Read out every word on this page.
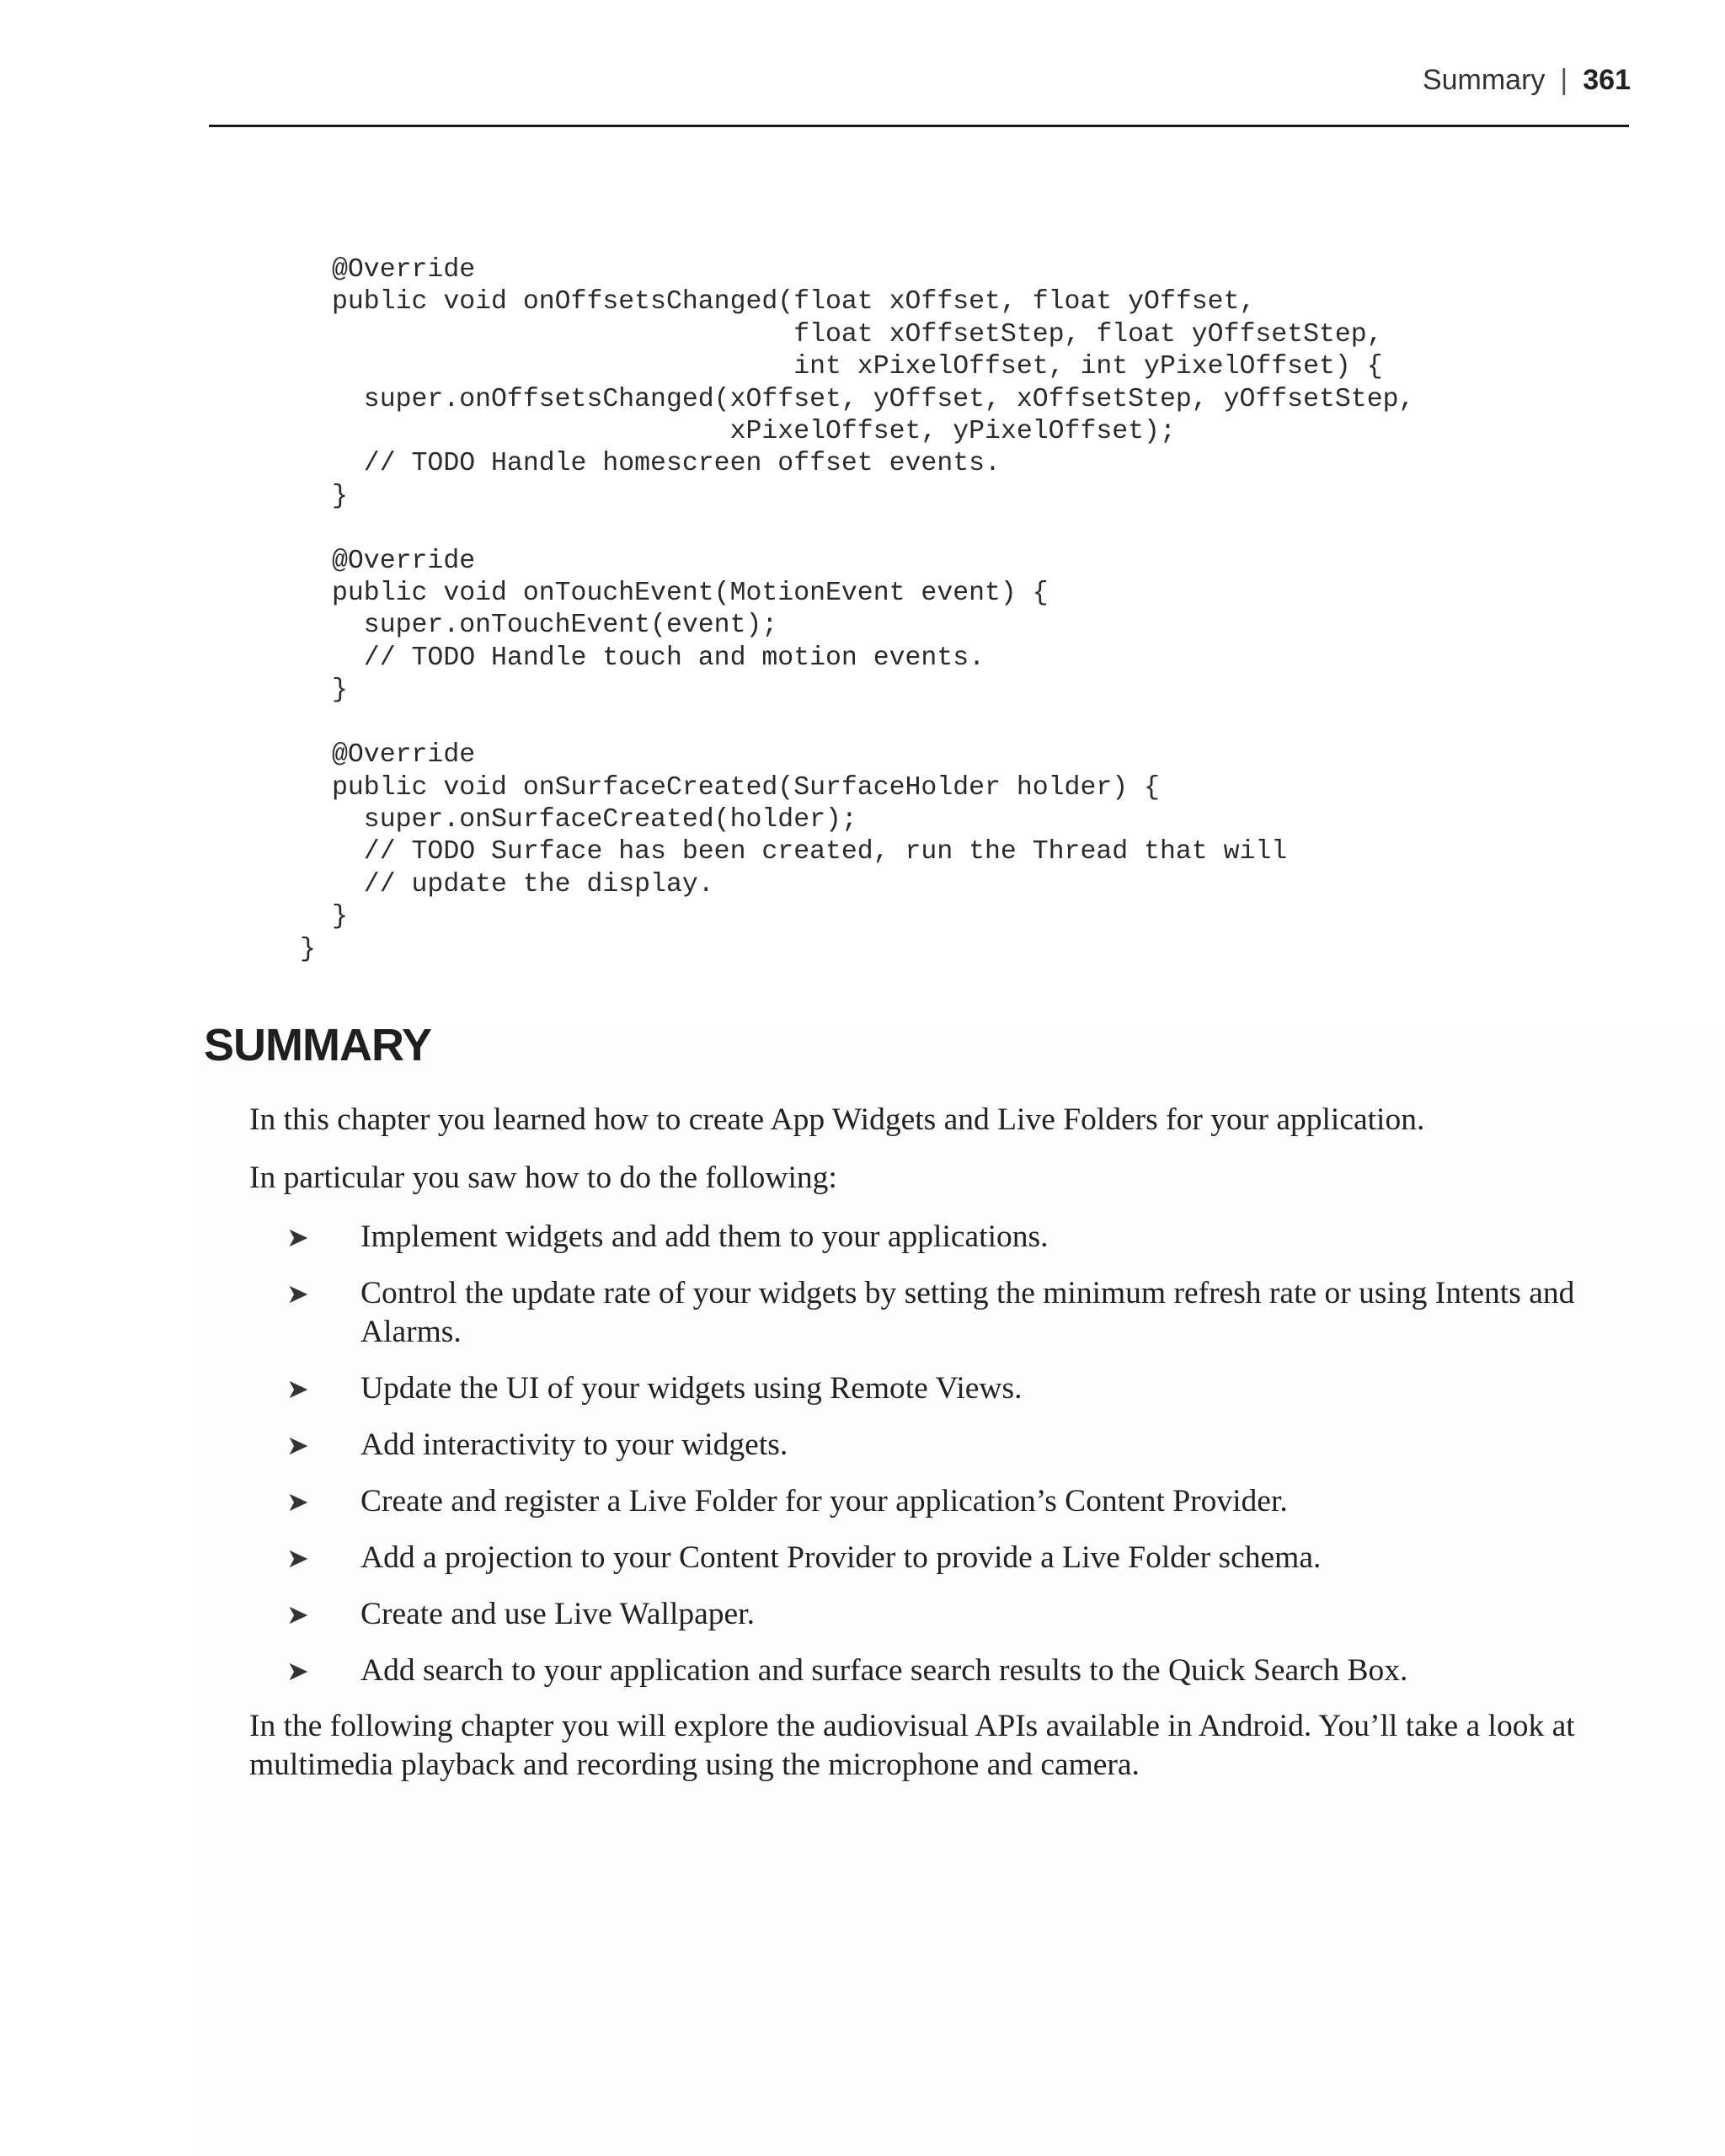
Summary | 361
@Override
public void onOffsetsChanged(float xOffset, float yOffset,
float xOffsetStep, float yOffsetStep,
int xPixelOffset, int yPixelOffset) {
super.onOffsetsChanged(xOffset, yOffset, xOffsetStep, yOffsetStep,
xPixelOffset, yPixelOffset);
// TODO Handle homescreen offset events.
}

@Override
public void onTouchEvent(MotionEvent event) {
super.onTouchEvent(event);
// TODO Handle touch and motion events.
}

@Override
public void onSurfaceCreated(SurfaceHolder holder) {
super.onSurfaceCreated(holder);
// TODO Surface has been created, run the Thread that will
// update the display.
}
}
SUMMARY

In this chapter you learned how to create App Widgets and Live Folders for your application.

In particular you saw how to do the following:

➤ Implement widgets and add them to your applications.
➤ Control the update rate of your widgets by setting the minimum refresh rate or using Intents and Alarms.
➤ Update the UI of your widgets using Remote Views.
➤ Add interactivity to your widgets.
➤ Create and register a Live Folder for your application’s Content Provider.
➤ Add a projection to your Content Provider to provide a Live Folder schema.
➤ Create and use Live Wallpaper.
➤ Add search to your application and surface search results to the Quick Search Box.

In the following chapter you will explore the audiovisual APIs available in Android. You’ll take a look at multimedia playback and recording using the microphone and camera.
